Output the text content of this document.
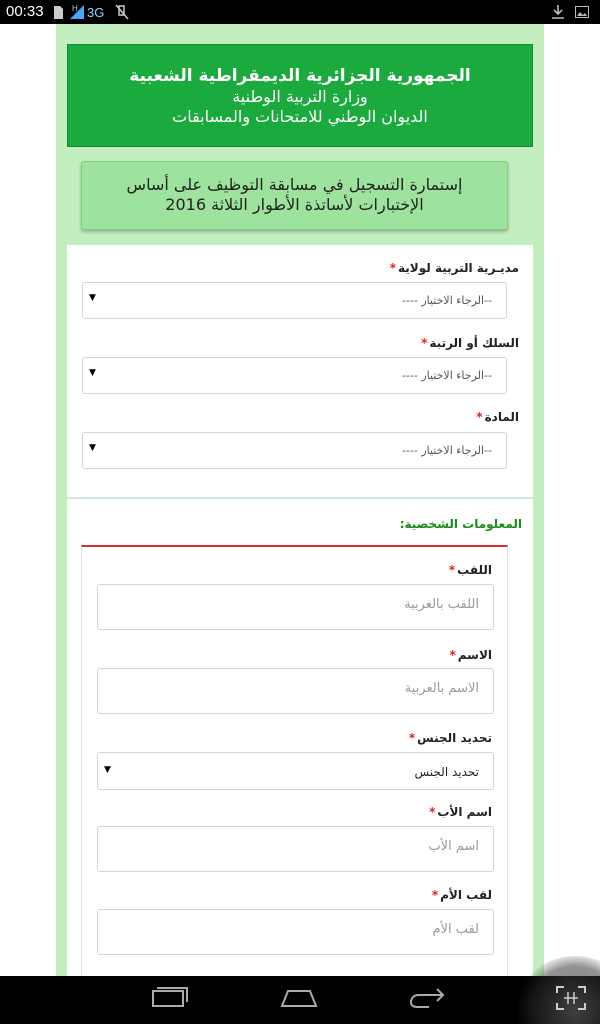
00:33	H 3G
الجمهورية الجزائرية الديمقراطية الشعبية
وزارة التربية الوطنية
الديوان الوطني للامتحانات والمسابقات
إستمارة التسجيل في مسابقة التوظيف على أساس
الإختبارات لأساتذة الأطوار الثلاثة 2016
مديـرية التربية لولاية*
--الرجاء الاختيار ----
▼
السلك أو الرتبة*
--الرجاء الاختيار ----
▼
المادة*
--الرجاء الاختيار ----
▼
المعلومات الشخصية:
اللقب*
اللقب بالعربية
الاسم*
الاسم بالعربية
تحديد الجنس*
تحديد الجنس
▼
اسم الأب*
اسم الأب
لقب الأم*
لقب الأم
